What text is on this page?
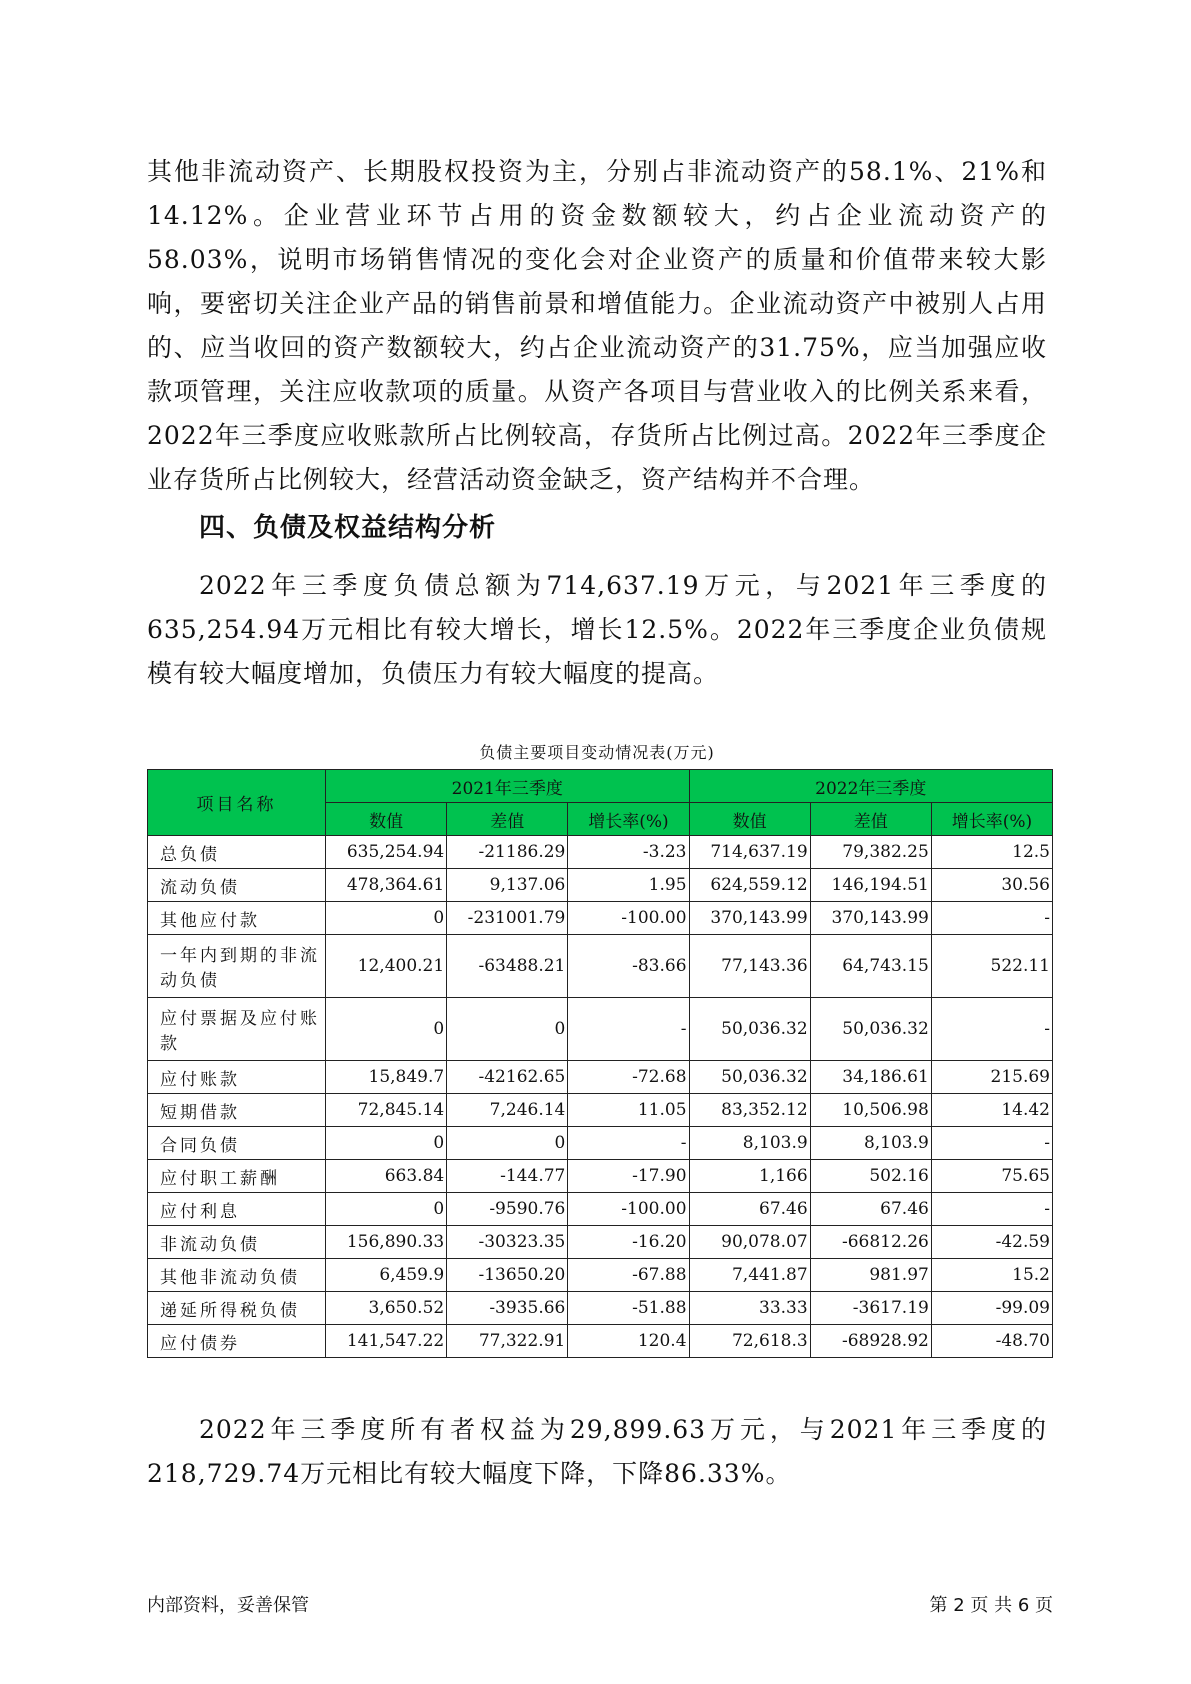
其他非流动资产、长期股权投资为主，分别占非流动资产的58.1%、21%和14.12%。企业营业环节占用的资金数额较大，约占企业流动资产的58.03%，说明市场销售情况的变化会对企业资产的质量和价值带来较大影响，要密切关注企业产品的销售前景和增值能力。企业流动资产中被别人占用的、应当收回的资产数额较大，约占企业流动资产的31.75%，应当加强应收款项管理，关注应收款项的质量。从资产各项目与营业收入的比例关系来看，2022年三季度应收账款所占比例较高，存货所占比例过高。2022年三季度企业存货所占比例较大，经营活动资金缺乏，资产结构并不合理。

四、负债及权益结构分析

2022年三季度负债总额为714,637.19万元，与2021年三季度的635,254.94万元相比有较大增长，增长12.5%。2022年三季度企业负债规模有较大幅度增加，负债压力有较大幅度的提高。

负债主要项目变动情况表(万元)
项目名称	2021年三季度			2022年三季度		
	数值	差值	增长率(%)	数值	差值	增长率(%)
总负债	635,254.94	-21186.29	-3.23	714,637.19	79,382.25	12.5
流动负债	478,364.61	9,137.06	1.95	624,559.12	146,194.51	30.56
其他应付款	0	-231001.79	-100.00	370,143.99	370,143.99	-
一年内到期的非流动负债	12,400.21	-63488.21	-83.66	77,143.36	64,743.15	522.11
应付票据及应付账款	0	0	-	50,036.32	50,036.32	-
应付账款	15,849.7	-42162.65	-72.68	50,036.32	34,186.61	215.69
短期借款	72,845.14	7,246.14	11.05	83,352.12	10,506.98	14.42
合同负债	0	0	-	8,103.9	8,103.9	-
应付职工薪酬	663.84	-144.77	-17.90	1,166	502.16	75.65
应付利息	0	-9590.76	-100.00	67.46	67.46	-
非流动负债	156,890.33	-30323.35	-16.20	90,078.07	-66812.26	-42.59
其他非流动负债	6,459.9	-13650.20	-67.88	7,441.87	981.97	15.2
递延所得税负债	3,650.52	-3935.66	-51.88	33.33	-3617.19	-99.09
应付债券	141,547.22	77,322.91	120.4	72,618.3	-68928.92	-48.70

2022年三季度所有者权益为29,899.63万元，与2021年三季度的218,729.74万元相比有较大幅度下降，下降86.33%。

内部资料，妥善保管	第 2 页 共 6 页
